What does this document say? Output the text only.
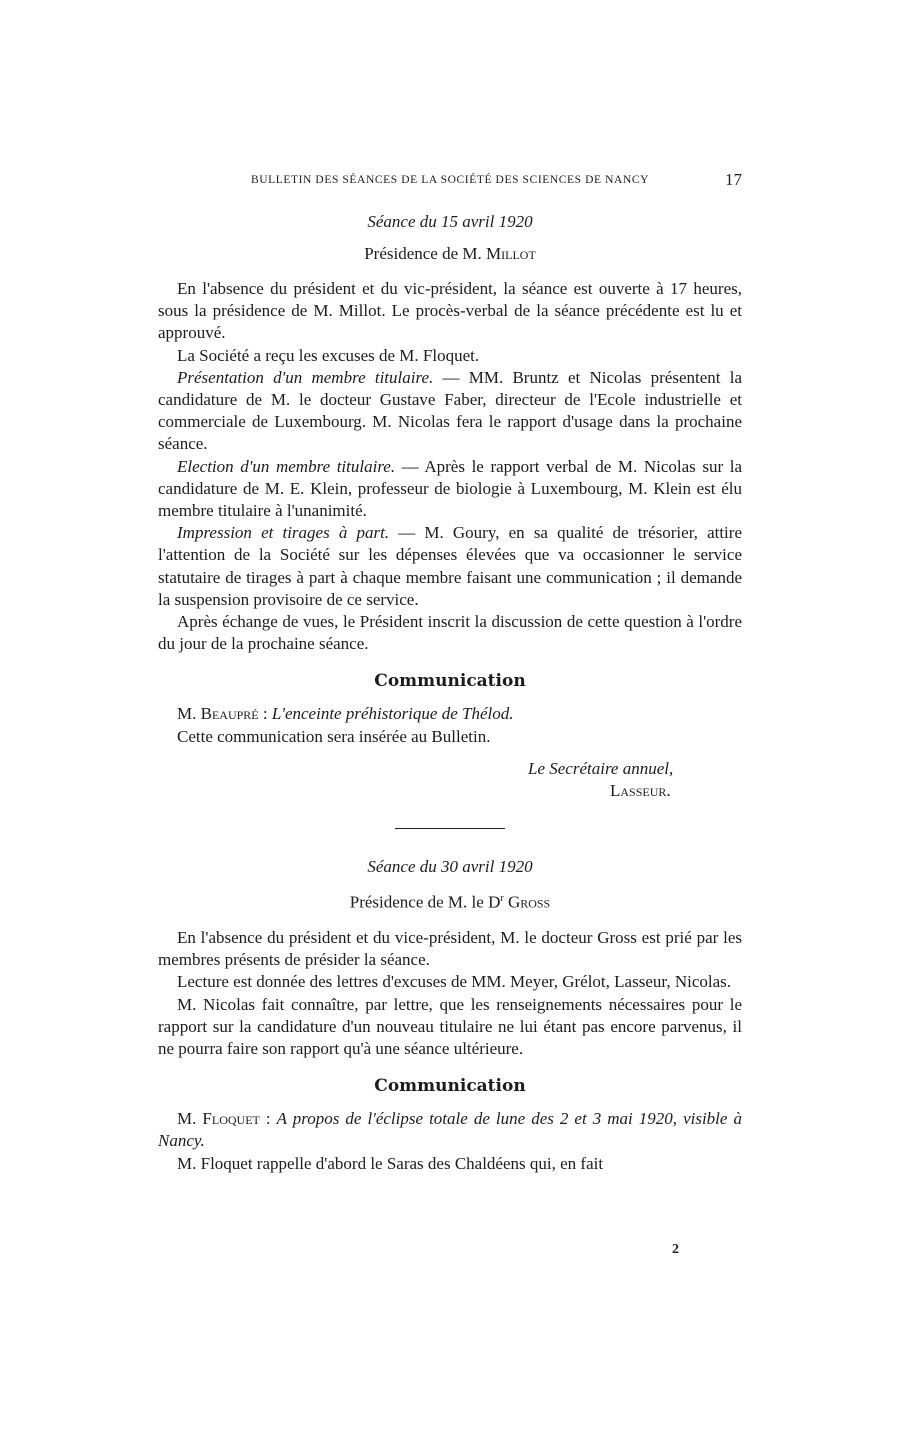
BULLETIN DES SÉANCES DE LA SOCIÉTÉ DES SCIENCES DE NANCY	17
Séance du 15 avril 1920
Présidence de M. Millot

En l'absence du président et du vic-président, la séance est ouverte à 17 heures, sous la présidence de M. Millot. Le procès-verbal de la séance précédente est lu et approuvé.

La Société a reçu les excuses de M. Floquet.

Présentation d'un membre titulaire. — MM. Bruntz et Nicolas présentent la candidature de M. le docteur Gustave Faber, directeur de l'Ecole industrielle et commerciale de Luxembourg. M. Nicolas fera le rapport d'usage dans la prochaine séance.

Election d'un membre titulaire. — Après le rapport verbal de M. Nicolas sur la candidature de M. E. Klein, professeur de biologie à Luxembourg, M. Klein est élu membre titulaire à l'unanimité.

Impression et tirages à part. — M. Goury, en sa qualité de trésorier, attire l'attention de la Société sur les dépenses élevées que va occasionner le service statutaire de tirages à part à chaque membre faisant une communication ; il demande la suspension provisoire de ce service.

Après échange de vues, le Président inscrit la discussion de cette question à l'ordre du jour de la prochaine séance.

Communication

M. Beaupré : L'enceinte préhistorique de Thélod.

Cette communication sera insérée au Bulletin.

Le Secrétaire annuel,
Lasseur.
Séance du 30 avril 1920
Présidence de M. le $D^r$ Gross

En l'absence du président et du vice-président, M. le docteur Gross est prié par les membres présents de présider la séance.

Lecture est donnée des lettres d'excuses de MM. Meyer, Grélot, Lasseur, Nicolas.

M. Nicolas fait connaître, par lettre, que les renseignements nécessaires pour le rapport sur la candidature d'un nouveau titulaire ne lui étant pas encore parvenus, il ne pourra faire son rapport qu'à une séance ultérieure.

Communication

M. Floquet : A propos de l'éclipse totale de lune des 2 et 3 mai 1920, visible à Nancy.

M. Floquet rappelle d'abord le Saras des Chaldéens qui, en fait

2
